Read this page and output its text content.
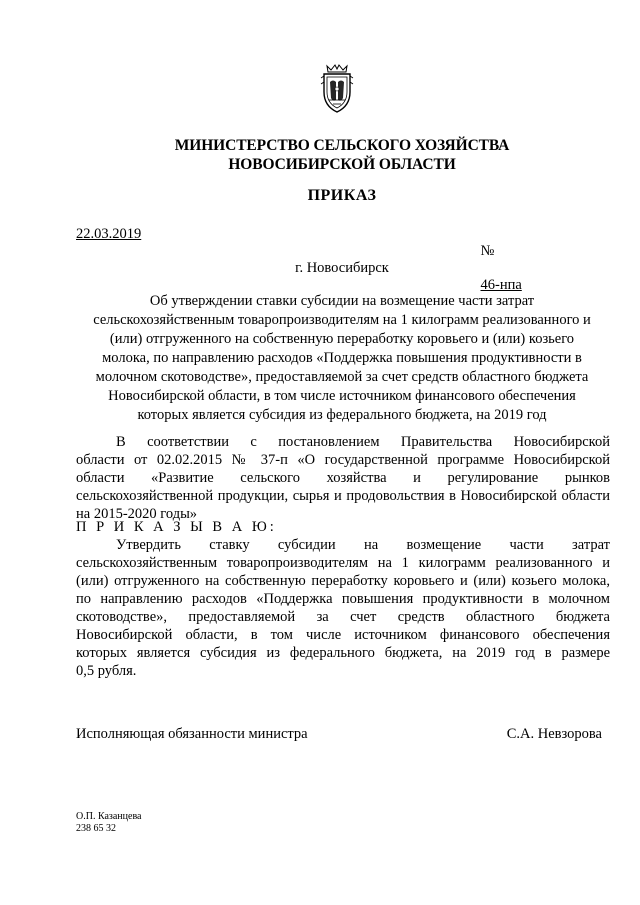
МИНИСТЕРСТВО СЕЛЬСКОГО ХОЗЯЙСТВА
НОВОСИБИРСКОЙ ОБЛАСТИ
ПРИКАЗ
22.03.2019

№

46-нпа

г. Новосибирск
Об утверждении ставки субсидии на возмещение части затрат
сельскохозяйственным товаропроизводителям на 1 килограмм реализованного и
(или) отгруженного на собственную переработку коровьего и (или) козьего
молока, по направлению расходов «Поддержка повышения продуктивности в
молочном скотоводстве», предоставляемой за счет средств областного бюджета
Новосибирской области, в том числе источником финансового обеспечения
которых является субсидия из федерального бюджета, на 2019 год
В соответствии с постановлением Правительства Новосибирской
области от 02.02.2015 № 37-п «О государственной программе Новосибирской
области «Развитие сельского хозяйства и регулирование рынков
сельскохозяйственной продукции, сырья и продовольствия в Новосибирской области
на 2015-2020 годы»
П Р И К А З Ы В А Ю:
Утвердить ставку субсидии на возмещение части затрат
сельскохозяйственным товаропроизводителям на 1 килограмм реализованного и
(или) отгруженного на собственную переработку коровьего и (или) козьего молока,
по направлению расходов «Поддержка повышения продуктивности в молочном
скотоводстве», предоставляемой за счет средств областного бюджета
Новосибирской области, в том числе источником финансового обеспечения
которых является субсидия из федерального бюджета, на 2019 год в размере
0,5 рубля.
Исполняющая обязанности министра	С.А. Невзорова
О.П. Казанцева
238 65 32
